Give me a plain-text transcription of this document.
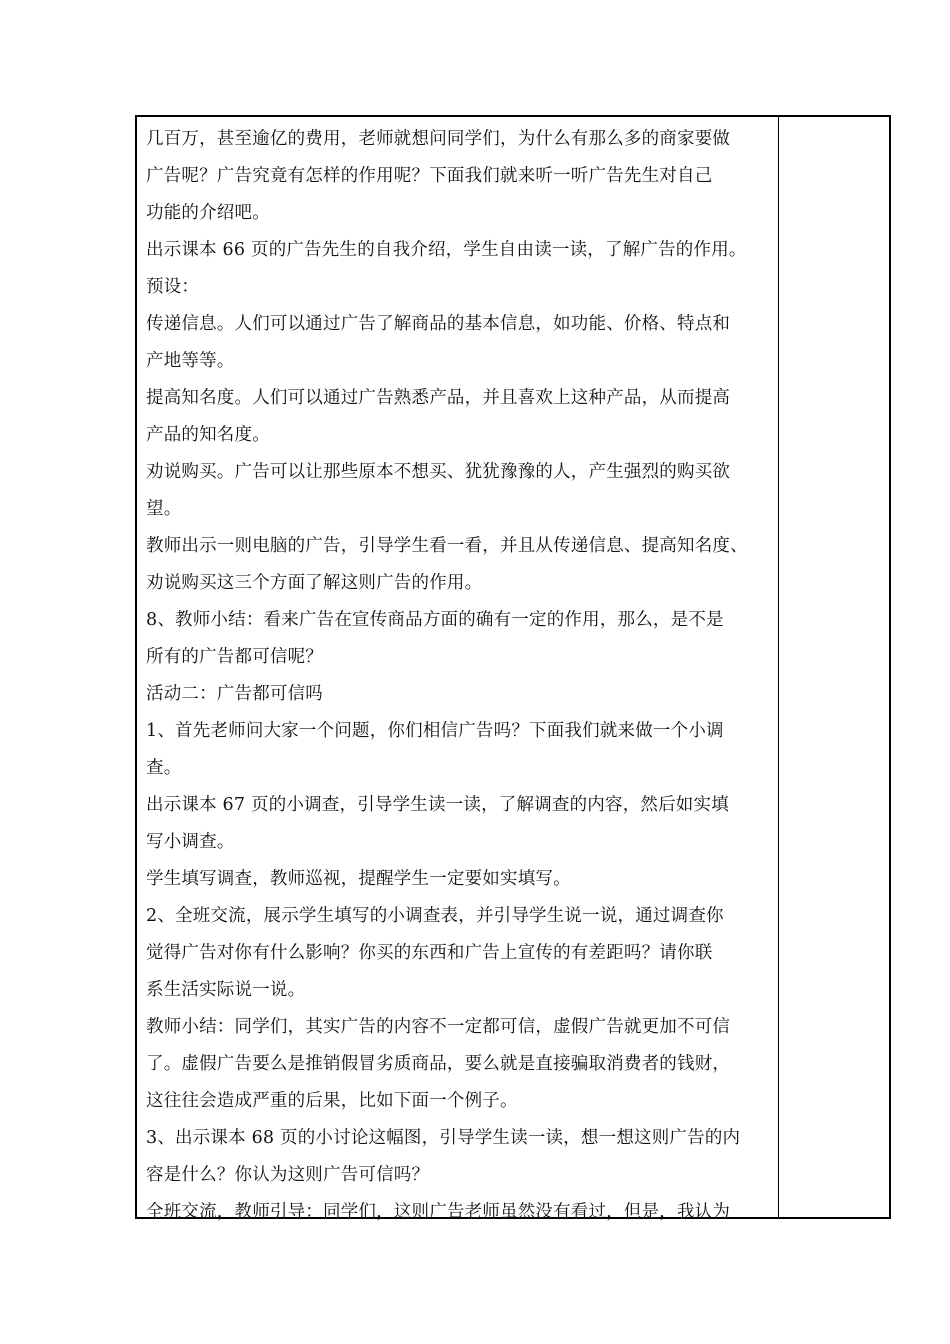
几百万，甚至逾亿的费用，老师就想问同学们，为什么有那么多的商家要做
广告呢？广告究竟有怎样的作用呢？下面我们就来听一听广告先生对自己
功能的介绍吧。
出示课本 66 页的广告先生的自我介绍，学生自由读一读，了解广告的作用。
预设：
传递信息。人们可以通过广告了解商品的基本信息，如功能、价格、特点和
产地等等。
提高知名度。人们可以通过广告熟悉产品，并且喜欢上这种产品，从而提高
产品的知名度。
劝说购买。广告可以让那些原本不想买、犹犹豫豫的人，产生强烈的购买欲
望。
教师出示一则电脑的广告，引导学生看一看，并且从传递信息、提高知名度、
劝说购买这三个方面了解这则广告的作用。
8、教师小结：看来广告在宣传商品方面的确有一定的作用，那么，是不是
所有的广告都可信呢？
活动二：广告都可信吗
1、首先老师问大家一个问题，你们相信广告吗？下面我们就来做一个小调
查。
出示课本 67 页的小调查，引导学生读一读，了解调查的内容，然后如实填
写小调查。
学生填写调查，教师巡视，提醒学生一定要如实填写。
2、全班交流，展示学生填写的小调查表，并引导学生说一说，通过调查你
觉得广告对你有什么影响？你买的东西和广告上宣传的有差距吗？请你联
系生活实际说一说。
教师小结：同学们，其实广告的内容不一定都可信，虚假广告就更加不可信
了。虚假广告要么是推销假冒劣质商品，要么就是直接骗取消费者的钱财，
这往往会造成严重的后果，比如下面一个例子。
3、出示课本 68 页的小讨论这幅图，引导学生读一读，想一想这则广告的内
容是什么？你认为这则广告可信吗？
全班交流，教师引导：同学们，这则广告老师虽然没有看过，但是，我认为
